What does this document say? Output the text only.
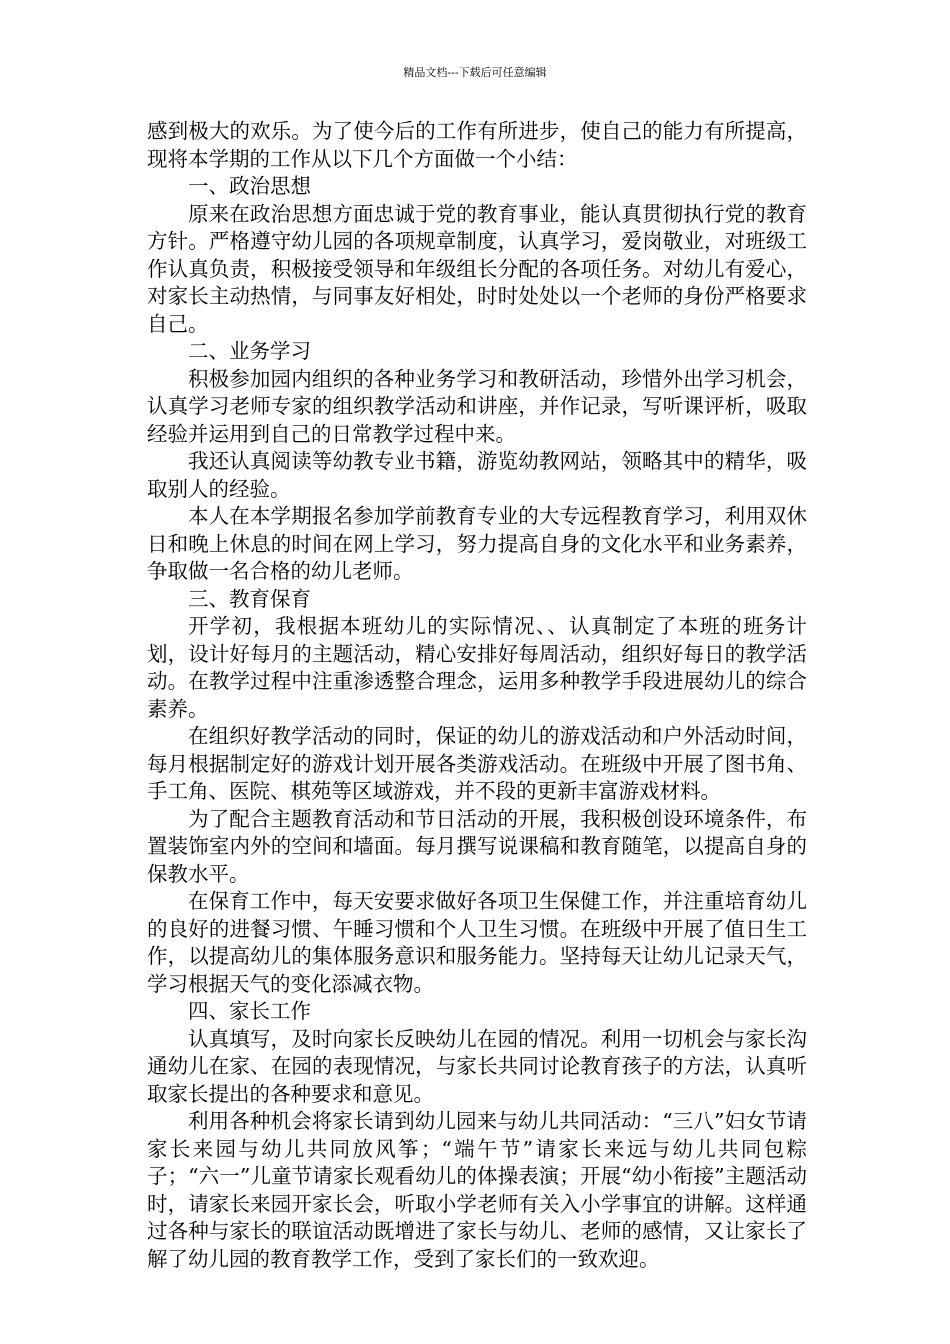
精品文档---下载后可任意编辑

感到极大的欢乐。为了使今后的工作有所进步，使自己的能力有所提高，现将本学期的工作从以下几个方面做一个小结：

一、政治思想

原来在政治思想方面忠诚于党的教育事业，能认真贯彻执行党的教育方针。严格遵守幼儿园的各项规章制度，认真学习，爱岗敬业，对班级工作认真负责，积极接受领导和年级组长分配的各项任务。对幼儿有爱心，对家长主动热情，与同事友好相处，时时处处以一个老师的身份严格要求自己。

二、业务学习

积极参加园内组织的各种业务学习和教研活动，珍惜外出学习机会，认真学习老师专家的组织教学活动和讲座，并作记录，写听课评析，吸取经验并运用到自己的日常教学过程中来。

我还认真阅读等幼教专业书籍，游览幼教网站，领略其中的精华，吸取别人的经验。

本人在本学期报名参加学前教育专业的大专远程教育学习，利用双休日和晚上休息的时间在网上学习，努力提高自身的文化水平和业务素养，争取做一名合格的幼儿老师。

三、教育保育

开学初，我根据本班幼儿的实际情况、、认真制定了本班的班务计划，设计好每月的主题活动，精心安排好每周活动，组织好每日的教学活动。在教学过程中注重渗透整合理念，运用多种教学手段进展幼儿的综合素养。

在组织好教学活动的同时，保证的幼儿的游戏活动和户外活动时间，每月根据制定好的游戏计划开展各类游戏活动。在班级中开展了图书角、手工角、医院、棋苑等区域游戏，并不段的更新丰富游戏材料。

为了配合主题教育活动和节日活动的开展，我积极创设环境条件，布置装饰室内外的空间和墙面。每月撰写说课稿和教育随笔，以提高自身的保教水平。

在保育工作中，每天安要求做好各项卫生保健工作，并注重培育幼儿的良好的进餐习惯、午睡习惯和个人卫生习惯。在班级中开展了值日生工作，以提高幼儿的集体服务意识和服务能力。坚持每天让幼儿记录天气，学习根据天气的变化添减衣物。

四、家长工作

认真填写，及时向家长反映幼儿在园的情况。利用一切机会与家长沟通幼儿在家、在园的表现情况，与家长共同讨论教育孩子的方法，认真听取家长提出的各种要求和意见。

利用各种机会将家长请到幼儿园来与幼儿共同活动：“三八”妇女节请家长来园与幼儿共同放风筝；“端午节”请家长来远与幼儿共同包粽子；“六一”儿童节请家长观看幼儿的体操表演；开展“幼小衔接”主题活动时，请家长来园开家长会，听取小学老师有关入小学事宜的讲解。这样通过各种与家长的联谊活动既增进了家长与幼儿、老师的感情，又让家长了解了幼儿园的教育教学工作，受到了家长们的一致欢迎。
